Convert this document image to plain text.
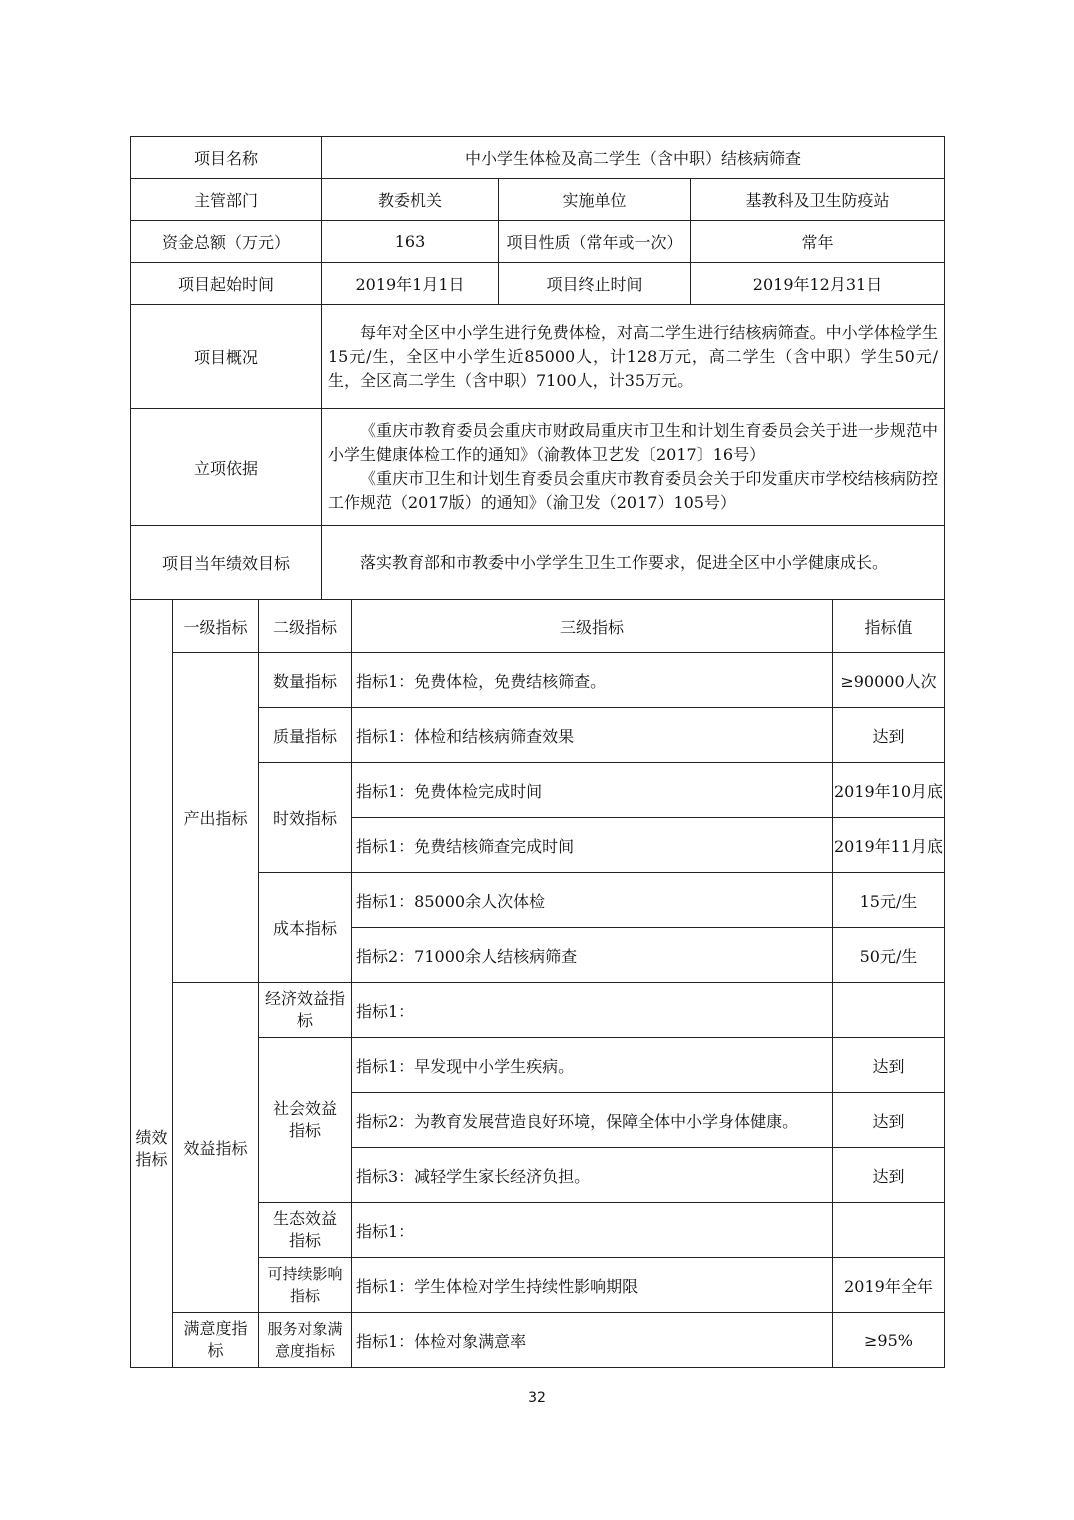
项目名称	中小学生体检及高二学生（含中职）结核病筛查		
主管部门	教委机关	实施单位	基教科及卫生防疫站
资金总额（万元）	163	项目性质（常年或一次）	常年
项目起始时间	2019年1月1日	项目终止时间	2019年12月31日
项目概况	每年对全区中小学生进行免费体检，对高二学生进行结核病筛查。中小学体检学生15元/生，全区中小学生近85000人，计128万元，高二学生（含中职）学生50元/生，全区高二学生（含中职）7100人，计35万元。		

立项依据	《重庆市教育委员会重庆市财政局重庆市卫生和计划生育委员会关于进一步规范中小学生健康体检工作的通知》（渝教体卫艺发〔2017〕16号）

《重庆市卫生和计划生育委员会重庆市教育委员会关于印发重庆市学校结核病防控工作规范（2017版）的通知》（渝卫发（2017）105号）		

项目当年绩效目标	落实教育部和市教委中小学学生卫生工作要求，促进全区中小学健康成长。		

绩效指标	一级指标	二级指标	三级指标	指标值
	产出指标	数量指标	指标1：免费体检，免费结核筛查。	≥90000人次
		质量指标	指标1：体检和结核病筛查效果	达到
		时效指标	指标1：免费体检完成时间	2019年10月底
			指标1：免费结核筛查完成时间	2019年11月底
		成本指标	指标1：85000余人次体检	15元/生
			指标2：71000余人结核病筛查	50元/生
	效益指标	经济效益指标	指标1：	
		社会效益指标	指标1：早发现中小学生疾病。	达到
			指标2：为教育发展营造良好环境，保障全体中小学身体健康。	达到
			指标3：减轻学生家长经济负担。	达到
		生态效益指标	指标1：	
		可持续影响指标	指标1：学生体检对学生持续性影响期限	2019年全年
	满意度指标	服务对象满意度指标	指标1：体检对象满意率	≥95%
32
